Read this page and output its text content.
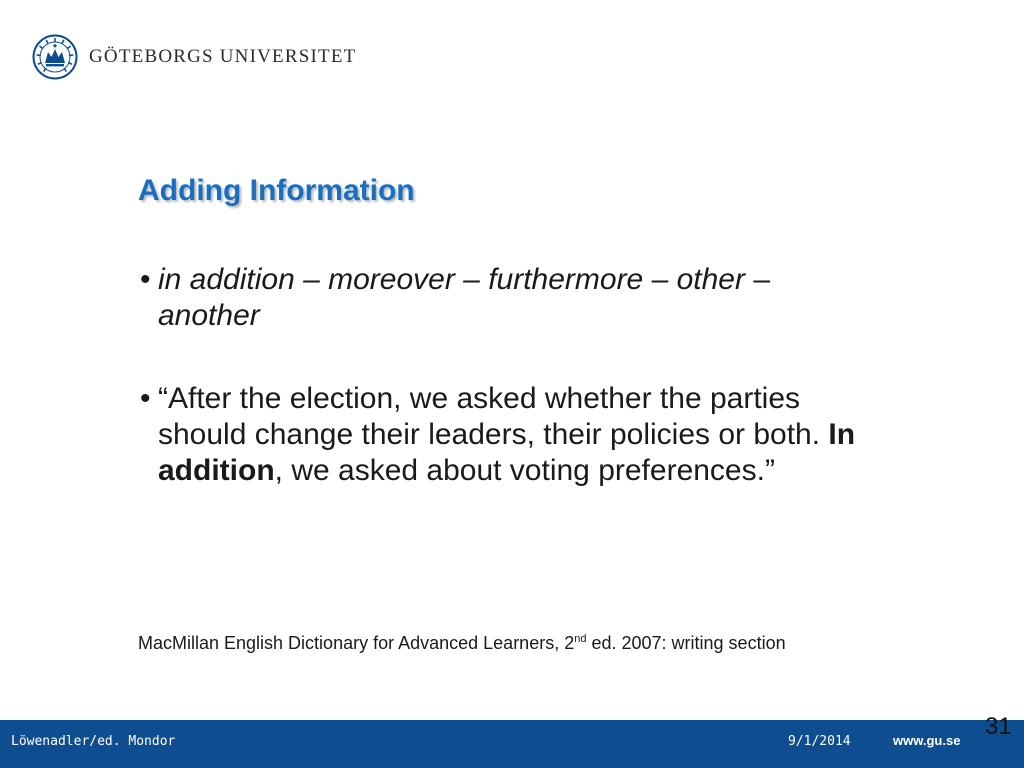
GÖTEBORGS UNIVERSITET
Adding Information
• in addition – moreover – furthermore – other – another
• “After the election, we asked whether the parties should change their leaders, their policies or both. In addition, we asked about voting preferences.”

MacMillan English Dictionary for Advanced Learners, 2nd ed. 2007: writing section

Löwenadler/ed. Mondor	9/1/2014	www.gu.se
31
